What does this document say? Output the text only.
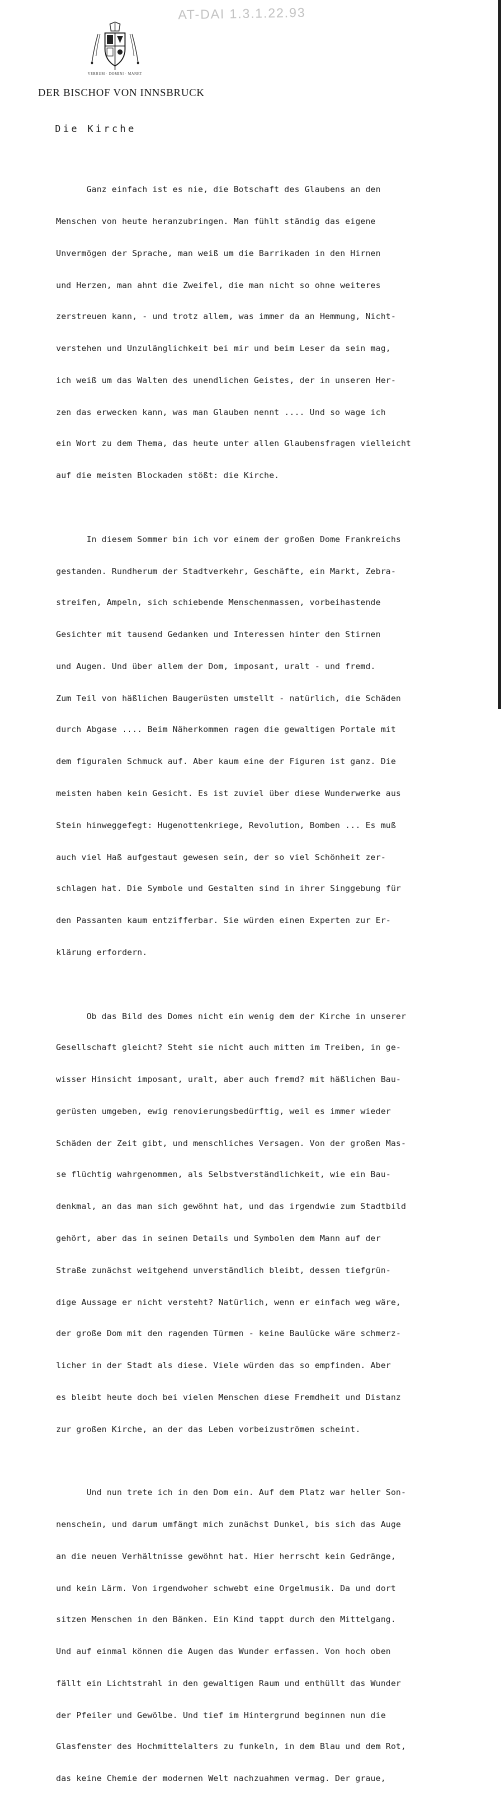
AT-DAI 1.3.1.22.93
VERBUM · DOMINI · MANET
DER BISCHOF VON INNSBRUCK
Die Kirche

Ganz einfach ist es nie, die Botschaft des Glaubens an den

Menschen von heute heranzubringen. Man fühlt ständig das eigene

Unvermögen der Sprache, man weiß um die Barrikaden in den Hirnen

und Herzen, man ahnt die Zweifel, die man nicht so ohne weiteres

zerstreuen kann, - und trotz allem, was immer da an Hemmung, Nicht-

verstehen und Unzulänglichkeit bei mir und beim Leser da sein mag,

ich weiß um das Walten des unendlichen Geistes, der in unseren Her-

zen das erwecken kann, was man Glauben nennt .... Und so wage ich

ein Wort zu dem Thema, das heute unter allen Glaubensfragen vielleicht

auf die meisten Blockaden stößt: die Kirche.

In diesem Sommer bin ich vor einem der großen Dome Frankreichs

gestanden. Rundherum der Stadtverkehr, Geschäfte, ein Markt, Zebra-

streifen, Ampeln, sich schiebende Menschenmassen, vorbeihastende

Gesichter mit tausend Gedanken und Interessen hinter den Stirnen

und Augen. Und über allem der Dom, imposant, uralt - und fremd.

Zum Teil von häßlichen Baugerüsten umstellt - natürlich, die Schäden

durch Abgase .... Beim Näherkommen ragen die gewaltigen Portale mit

dem figuralen Schmuck auf. Aber kaum eine der Figuren ist ganz. Die

meisten haben kein Gesicht. Es ist zuviel über diese Wunderwerke aus

Stein hinweggefegt: Hugenottenkriege, Revolution, Bomben ... Es muß

auch viel Haß aufgestaut gewesen sein, der so viel Schönheit zer-

schlagen hat. Die Symbole und Gestalten sind in ihrer Singgebung für

den Passanten kaum entzifferbar. Sie würden einen Experten zur Er-

klärung erfordern.

Ob das Bild des Domes nicht ein wenig dem der Kirche in unserer

Gesellschaft gleicht? Steht sie nicht auch mitten im Treiben, in ge-

wisser Hinsicht imposant, uralt, aber auch fremd? mit häßlichen Bau-

gerüsten umgeben, ewig renovierungsbedürftig, weil es immer wieder

Schäden der Zeit gibt, und menschliches Versagen. Von der großen Mas-

se flüchtig wahrgenommen, als Selbstverständlichkeit, wie ein Bau-

denkmal, an das man sich gewöhnt hat, und das irgendwie zum Stadtbild

gehört, aber das in seinen Details und Symbolen dem Mann auf der

Straße zunächst weitgehend unverständlich bleibt, dessen tiefgrün-

dige Aussage er nicht versteht? Natürlich, wenn er einfach weg wäre,

der große Dom mit den ragenden Türmen - keine Baulücke wäre schmerz-

licher in der Stadt als diese. Viele würden das so empfinden. Aber

es bleibt heute doch bei vielen Menschen diese Fremdheit und Distanz

zur großen Kirche, an der das Leben vorbeizuströmen scheint.

Und nun trete ich in den Dom ein. Auf dem Platz war heller Son-

nenschein, und darum umfängt mich zunächst Dunkel, bis sich das Auge

an die neuen Verhältnisse gewöhnt hat. Hier herrscht kein Gedränge,

und kein Lärm. Von irgendwoher schwebt eine Orgelmusik. Da und dort

sitzen Menschen in den Bänken. Ein Kind tappt durch den Mittelgang.

Und auf einmal können die Augen das Wunder erfassen. Von hoch oben

fällt ein Lichtstrahl in den gewaltigen Raum und enthüllt das Wunder

der Pfeiler und Gewölbe. Und tief im Hintergrund beginnen nun die

Glasfenster des Hochmittelalters zu funkeln, in dem Blau und dem Rot,

das keine Chemie der modernen Welt nachzuahmen vermag. Der graue,
